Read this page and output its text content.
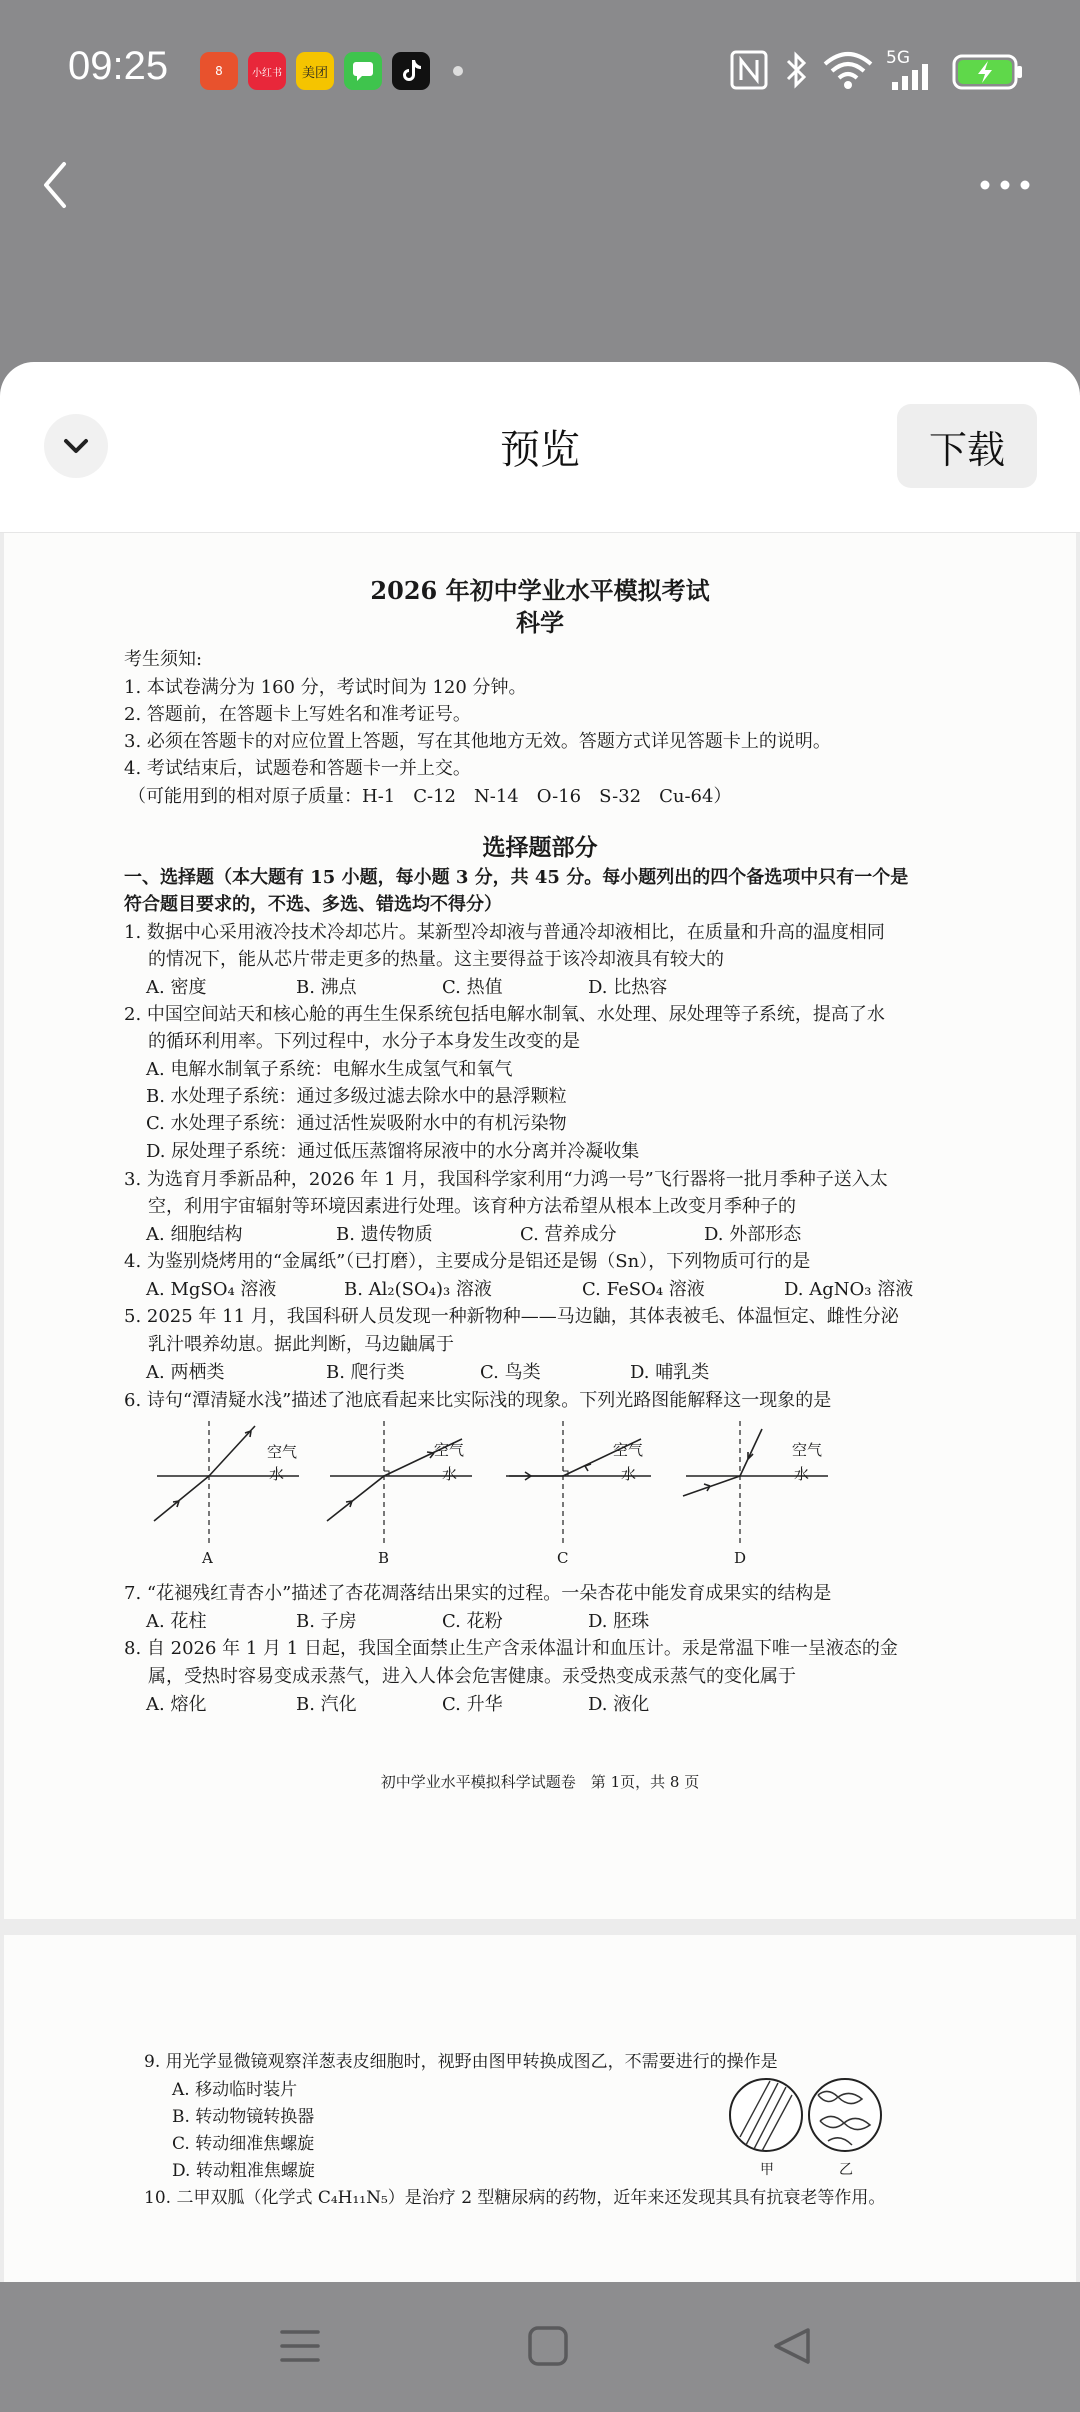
09:25	8	小红书	美团
5G
预览	下载
2026 年初中学业水平模拟考试
科学
考生须知:
1. 本试卷满分为 160 分，考试时间为 120 分钟。
2. 答题前，在答题卡上写姓名和准考证号。
3. 必须在答题卡的对应位置上答题，写在其他地方无效。答题方式详见答题卡上的说明。
4. 考试结束后，试题卷和答题卡一并上交。
（可能用到的相对原子质量：H-1　C-12　N-14　O-16　S-32　Cu-64）
选择题部分
一、选择题（本大题有 15 小题，每小题 3 分，共 45 分。每小题列出的四个备选项中只有一个是
符合题目要求的，不选、多选、错选均不得分）
1. 数据中心采用液冷技术冷却芯片。某新型冷却液与普通冷却液相比，在质量和升高的温度相同
的情况下，能从芯片带走更多的热量。这主要得益于该冷却液具有较大的
A. 密度	B. 沸点	C. 热值	D. 比热容
2. 中国空间站天和核心舱的再生生保系统包括电解水制氧、水处理、尿处理等子系统，提高了水
的循环利用率。下列过程中，水分子本身发生改变的是
A. 电解水制氧子系统：电解水生成氢气和氧气
B. 水处理子系统：通过多级过滤去除水中的悬浮颗粒
C. 水处理子系统：通过活性炭吸附水中的有机污染物
D. 尿处理子系统：通过低压蒸馏将尿液中的水分离并冷凝收集
3. 为选育月季新品种，2026 年 1 月，我国科学家利用“力鸿一号”飞行器将一批月季种子送入太
空，利用宇宙辐射等环境因素进行处理。该育种方法希望从根本上改变月季种子的
A. 细胞结构	B. 遗传物质	C. 营养成分	D. 外部形态
4. 为鉴别烧烤用的“金属纸”（已打磨），主要成分是铝还是锡（Sn），下列物质可行的是
A. MgSO₄ 溶液	B. Al₂(SO₄)₃ 溶液	C. FeSO₄ 溶液	D. AgNO₃ 溶液
5. 2025 年 11 月，我国科研人员发现一种新物种——马边鼬，其体表被毛、体温恒定、雌性分泌
乳汁喂养幼崽。据此判断，马边鼬属于
A. 两栖类	B. 爬行类	C. 鸟类	D. 哺乳类
6. 诗句“潭清疑水浅”描述了池底看起来比实际浅的现象。下列光路图能解释这一现象的是
空气
水
A
空气
水
B
空气
水
C
空气
水
D
7. “花褪残红青杏小”描述了杏花凋落结出果实的过程。一朵杏花中能发育成果实的结构是
A. 花柱	B. 子房	C. 花粉	D. 胚珠
8. 自 2026 年 1 月 1 日起，我国全面禁止生产含汞体温计和血压计。汞是常温下唯一呈液态的金
属，受热时容易变成汞蒸气，进入人体会危害健康。汞受热变成汞蒸气的变化属于
A. 熔化	B. 汽化	C. 升华	D. 液化
初中学业水平模拟科学试题卷　第 1页，共 8 页
9. 用光学显微镜观察洋葱表皮细胞时，视野由图甲转换成图乙，不需要进行的操作是
A. 移动临时装片
B. 转动物镜转换器
C. 转动细准焦螺旋
D. 转动粗准焦螺旋	甲	乙
10. 二甲双胍（化学式 C₄H₁₁N₅）是治疗 2 型糖尿病的药物，近年来还发现其具有抗衰老等作用。
